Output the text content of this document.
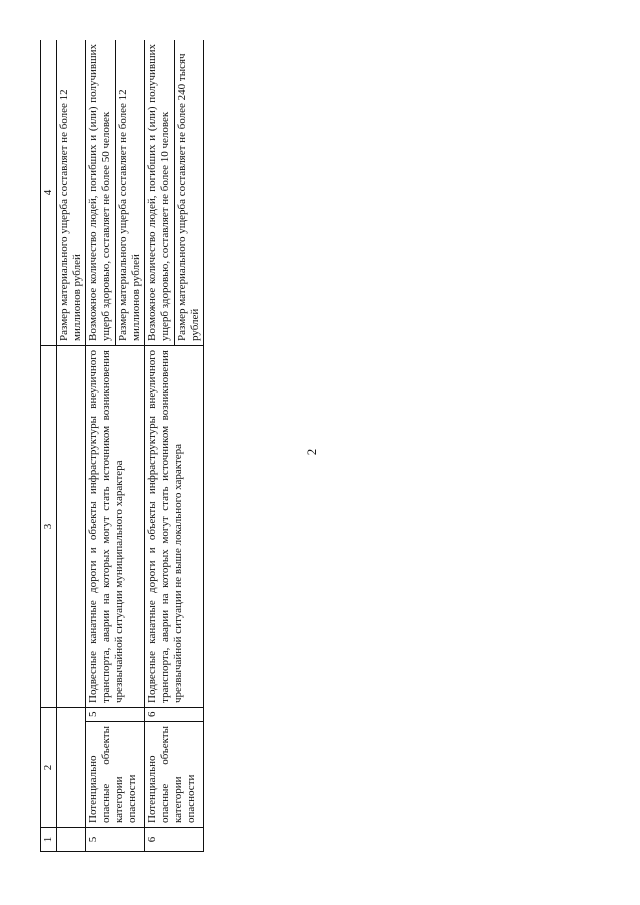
2
1	2		3	4
				Размер материального ущерба составляет не более 12 миллионов рублей
5	Потенциально опасные объекты категории опасности	5	Подвесные канатные дороги и объекты инфраструктуры внеуличного транспорта, аварии на которых могут стать источником возникновения чрезвычайной ситуации муниципального характера	Возможное количество людей, погибших и (или) получивших ущерб здоровью, составляет не более 50 человек Размер материального ущерба составляет не более 12 миллионов рублей

6	Потенциально опасные объекты категории опасности	6	Подвесные канатные дороги и объекты инфраструктуры внеуличного транспорта, аварии на которых могут стать источником возникновения чрезвычайной ситуации не выше локального характера	Возможное количество людей, погибших и (или) получивших ущерб здоровью, составляет не более 10 человек Размер материального ущерба составляет не более 240 тысяч рублей
